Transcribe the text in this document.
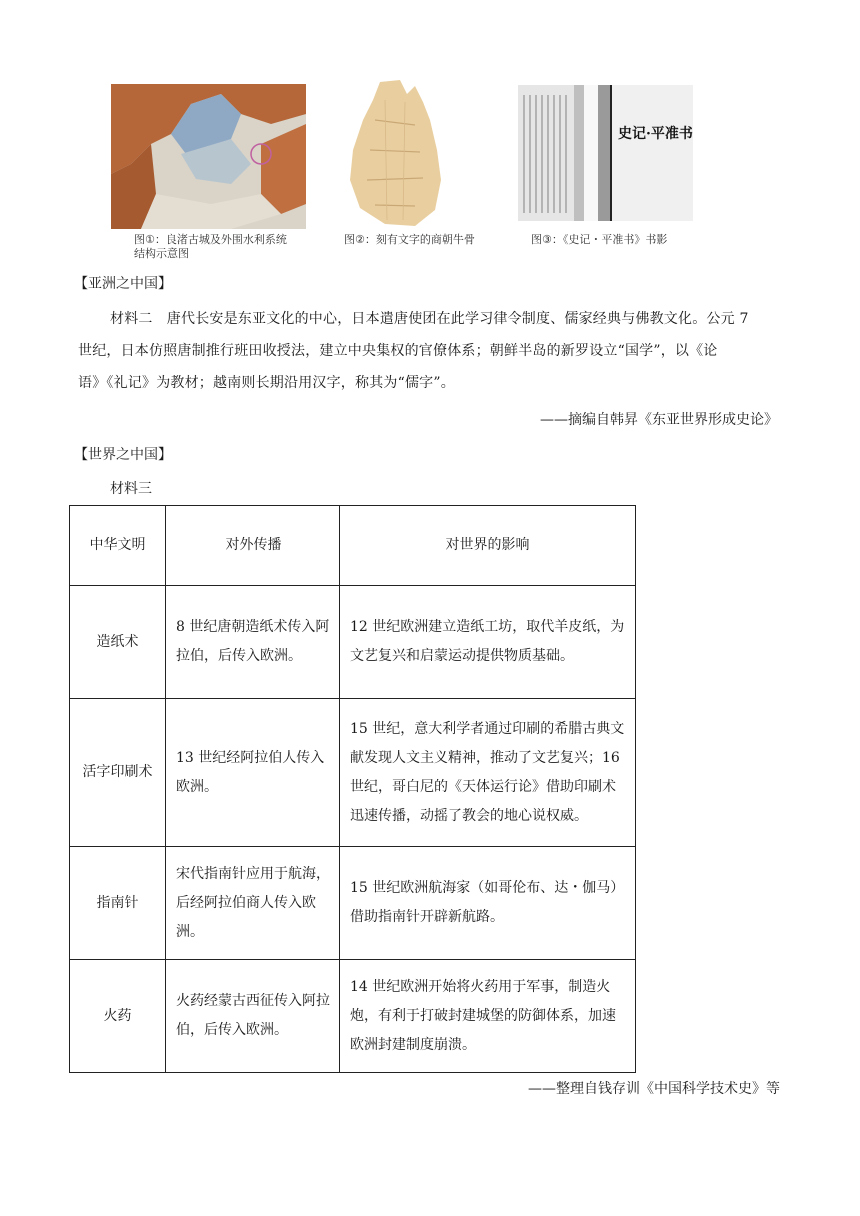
图①：良渚古城及外围水利系统
结构示意图
图②：刻有文字的商朝牛骨
史记·平准书
图③：《史记・平准书》书影
【亚洲之中国】
材料二　唐代长安是东亚文化的中心，日本遣唐使团在此学习律令制度、儒家经典与佛教文化。公元 7
世纪，日本仿照唐制推行班田收授法，建立中央集权的官僚体系；朝鲜半岛的新罗设立“国学”，以《论
语》《礼记》为教材；越南则长期沿用汉字，称其为“儒字”。
——摘编自韩昇《东亚世界形成史论》
【世界之中国】
材料三
中华文明	对外传播	对世界的影响
造纸术	8 世纪唐朝造纸术传入阿拉伯，后传入欧洲。	12 世纪欧洲建立造纸工坊，取代羊皮纸，为文艺复兴和启蒙运动提供物质基础。
活字印刷术	13 世纪经阿拉伯人传入欧洲。	15 世纪，意大利学者通过印刷的希腊古典文献发现人文主义精神，推动了文艺复兴；16 世纪，哥白尼的《天体运行论》借助印刷术迅速传播，动摇了教会的地心说权威。
指南针	宋代指南针应用于航海，后经阿拉伯商人传入欧洲。	15 世纪欧洲航海家（如哥伦布、达・伽马）借助指南针开辟新航路。
火药	火药经蒙古西征传入阿拉伯，后传入欧洲。	14 世纪欧洲开始将火药用于军事，制造火炮，有利于打破封建城堡的防御体系，加速欧洲封建制度崩溃。
——整理自钱存训《中国科学技术史》等
